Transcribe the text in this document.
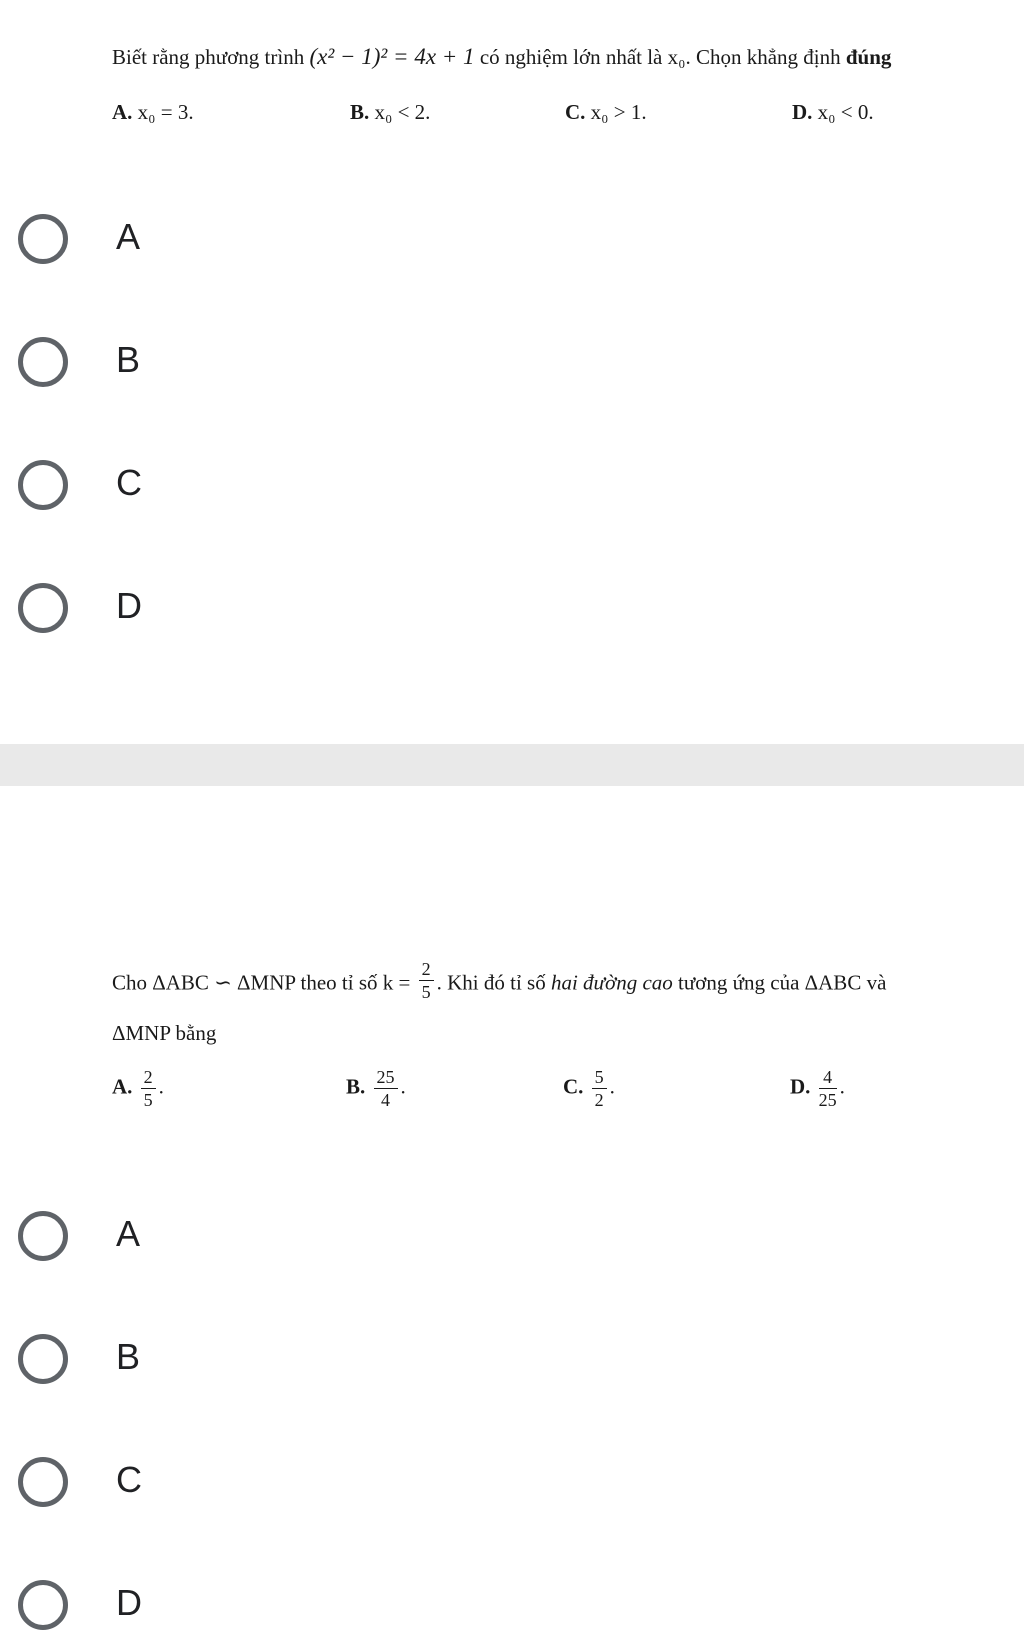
Biết rằng phương trình (x² − 1)² = 4x + 1 có nghiệm lớn nhất là x₀. Chọn khẳng định đúng
A. x₀ = 3.	B. x₀ < 2.	C. x₀ > 1.	D. x₀ < 0.
A
B
C
D
Cho ΔABC ∽ ΔMNP theo tỉ số $k = \frac{2}{5}$ . Khi đó tỉ số hai đường cao tương ứng của ΔABC và
ΔMNP bằng
A. $\frac{2}{5}$ .	B. $\frac{25}{4}$ .	C. $\frac{5}{2}$ .	D. $\frac{4}{25}$ .
A
B
C
D
